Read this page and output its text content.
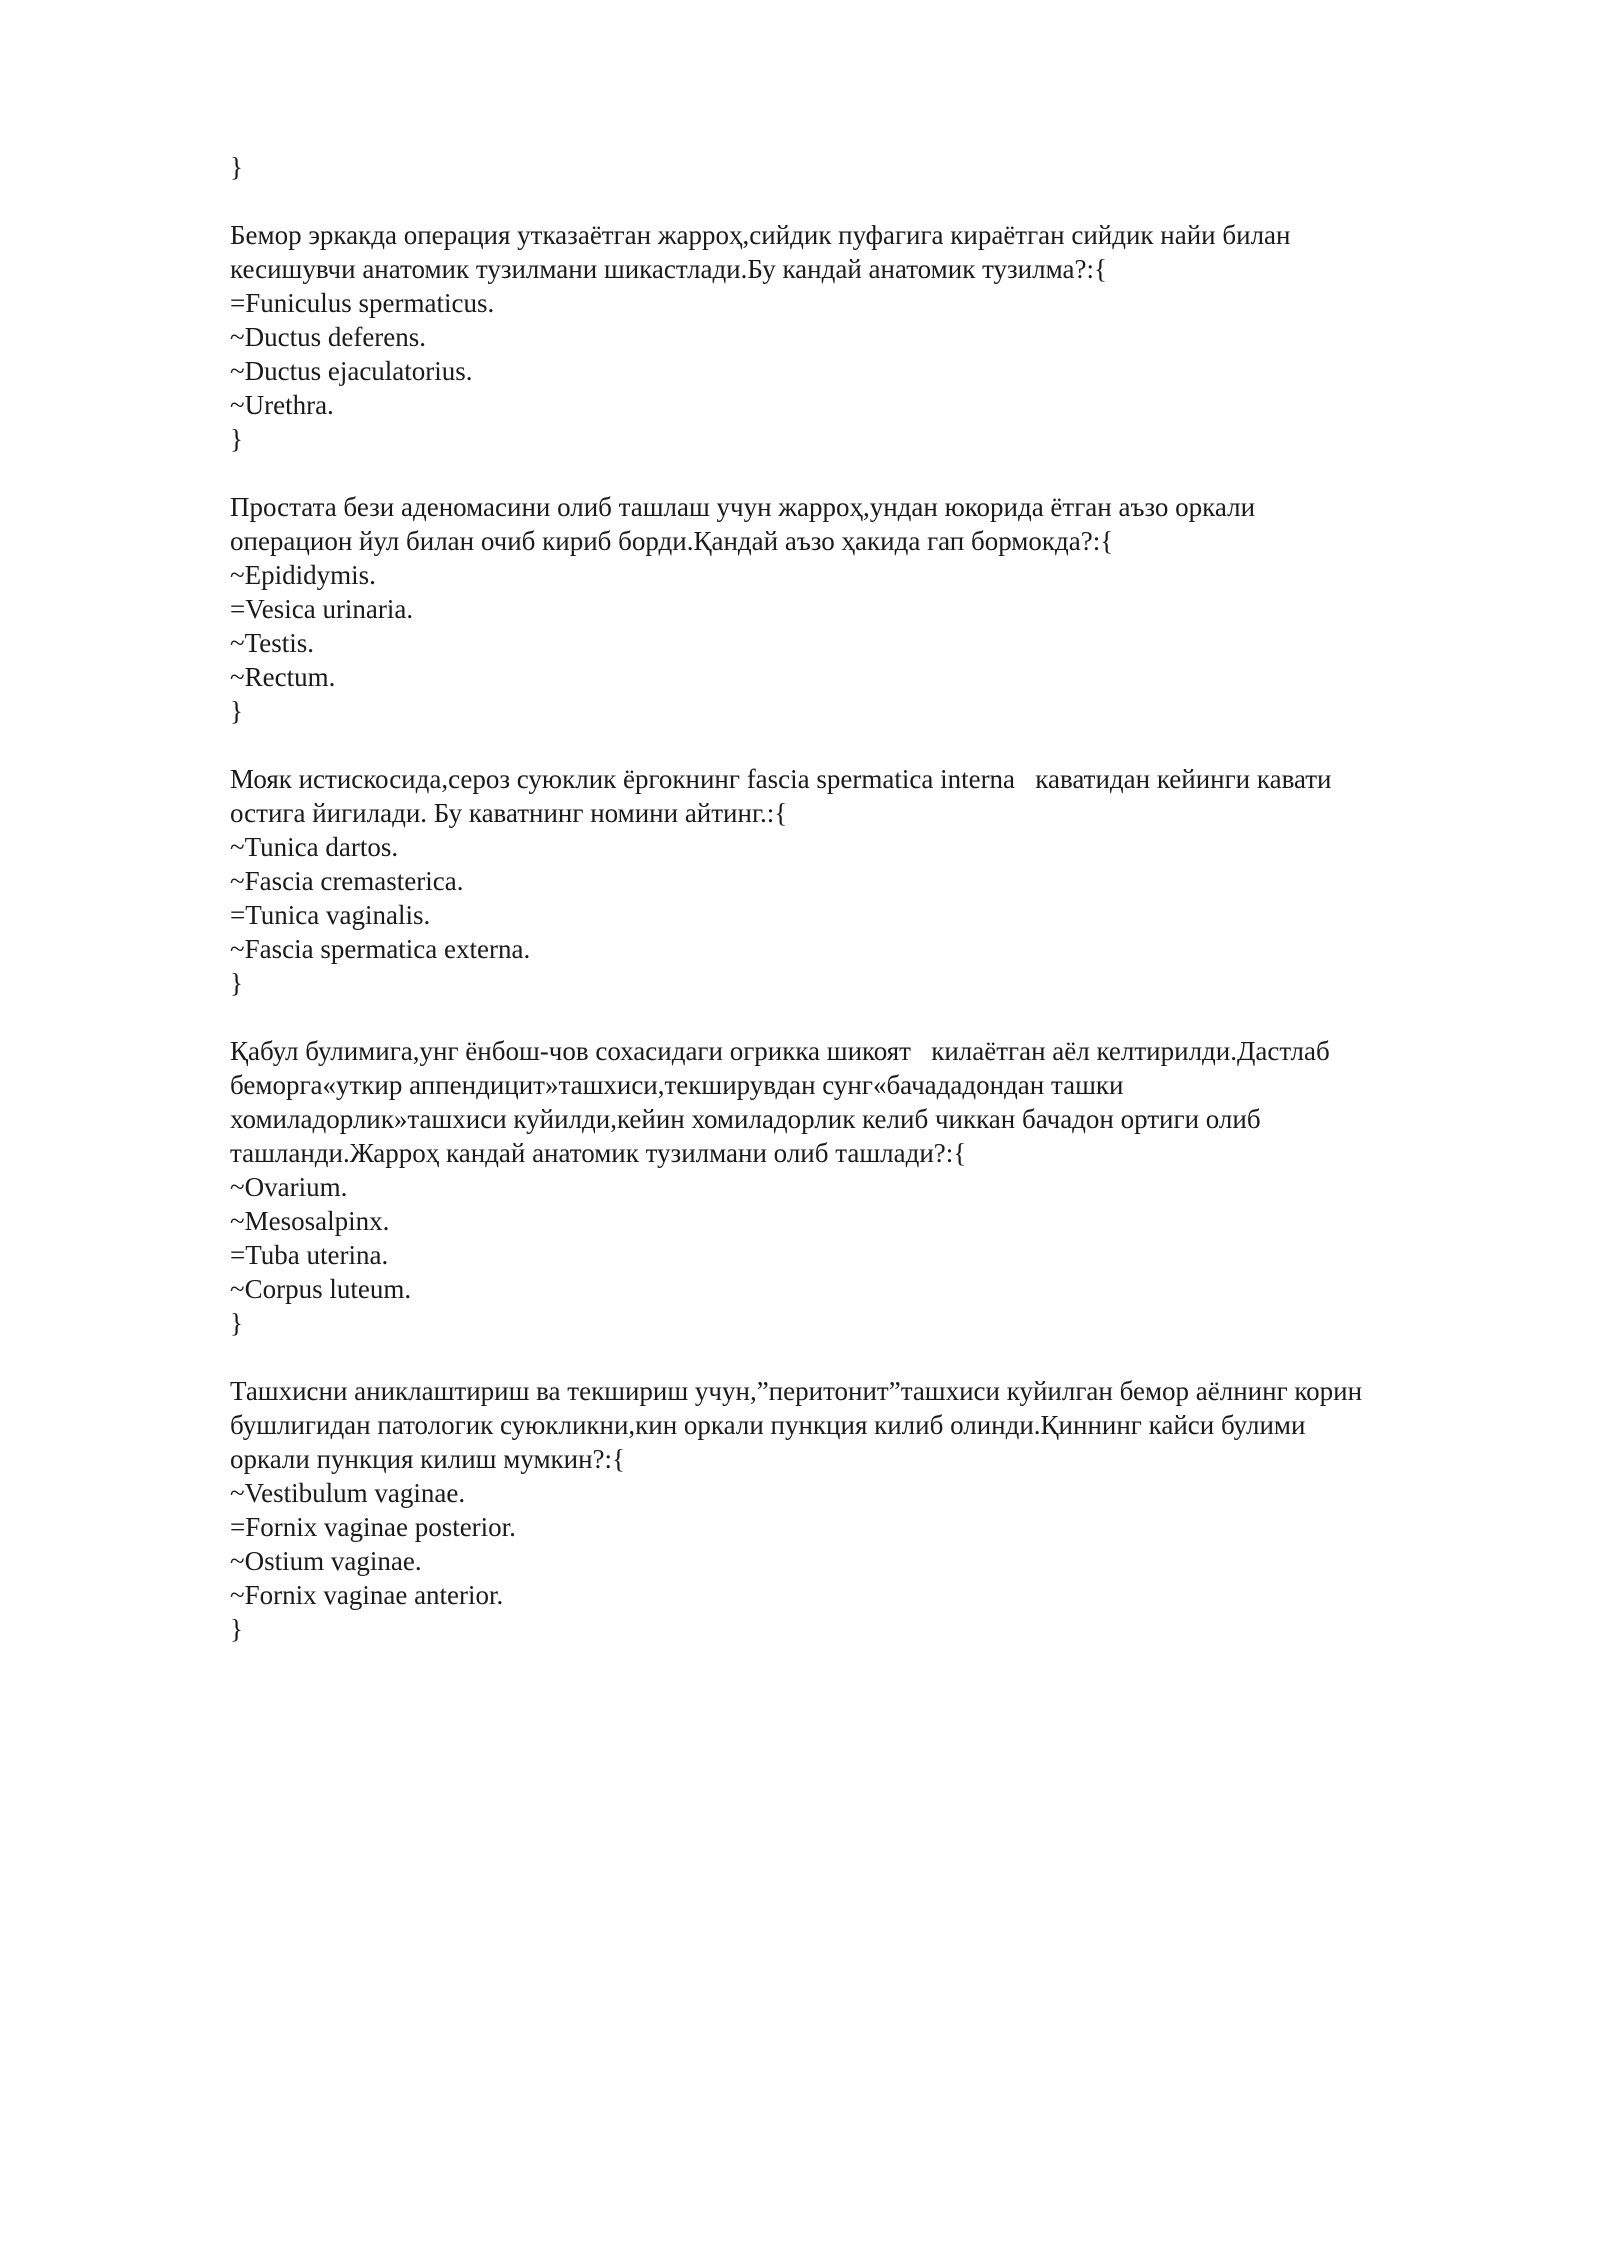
}
Бемор эркакда операция утказаётган жарроҳ,сийдик пуфагига кираётган сийдик найи билан
кесишувчи анатомик тузилмани шикастлади.Бу кандай анатомик тузилма?:{
=Funiculus spermaticus.
~Ductus deferens.
~Ductus ejaculatorius.
~Urethra.
}
Простата бези аденомасини олиб ташлаш учун жарроҳ,ундан юкорида ётган аъзо оркали
операцион йул билан очиб кириб борди.Қандай аъзо ҳакида гап бормокда?:{
~Epididymis.
=Vesica urinaria.
~Testis.
~Rectum.
}
Мояк истискосида,сероз суюклик ёргокнинг fascia spermatica interna   каватидан кейинги кавати
остига йигилади. Бу каватнинг номини айтинг.:{
~Tunica dartos.
~Fascia cremasterica.
=Tunica vaginalis.
~Fascia spermatica externa.
}
Қабул булимига,унг ёнбош-чов сохасидаги огрикка шикоят   килаётган аёл келтирилди.Дастлаб
беморга«уткир аппендицит»ташхиси,текширувдан сунг«бачададондан ташки
хомиладорлик»ташхиси куйилди,кейин хомиладорлик келиб чиккан бачадон ортиги олиб
ташланди.Жарроҳ кандай анатомик тузилмани олиб ташлади?:{
~Ovarium.
~Mesosalpinx.
=Tuba uterina.
~Corpus luteum.
}
Ташхисни аниклаштириш ва текшириш учун,”перитонит”ташхиси куйилган бемор аёлнинг корин
бушлигидан патологик суюкликни,кин оркали пункция килиб олинди.Қиннинг кайси булими
оркали пункция килиш мумкин?:{
~Vestibulum vaginae.
=Fornix vaginae posterior.
~Ostium vaginae.
~Fornix vaginae anterior.
}
